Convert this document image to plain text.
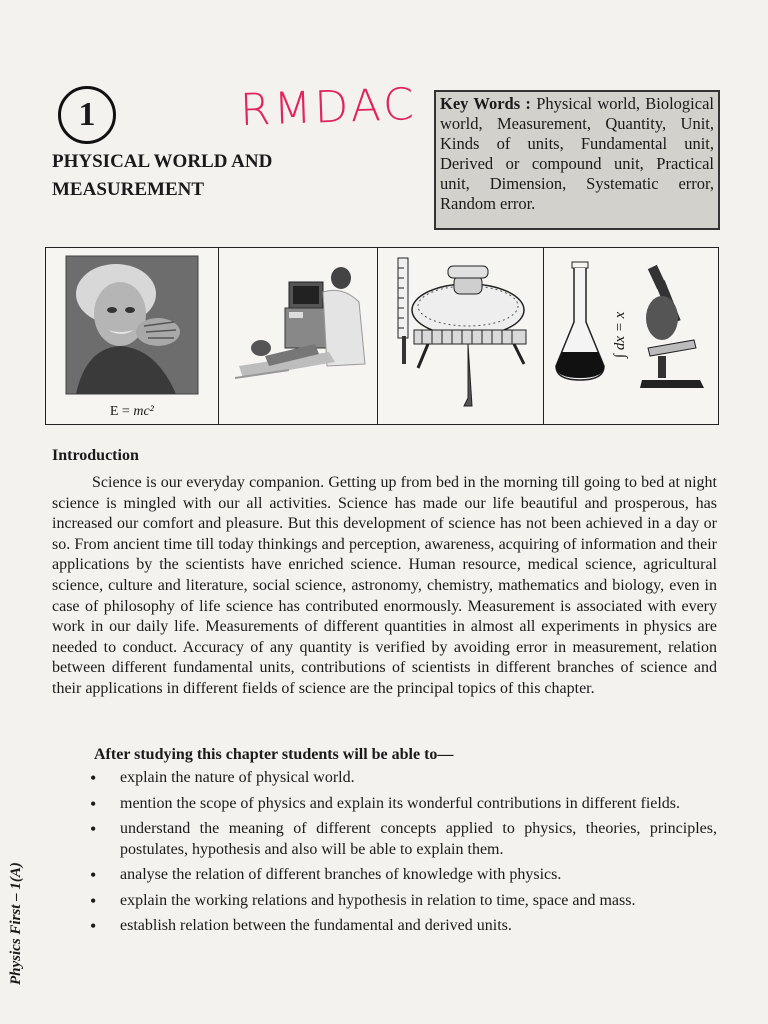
1	RMDAC
PHYSICAL WORLD AND MEASUREMENT
Key Words : Physical world, Biological world, Measurement, Quantity, Unit, Kinds of units, Fundamental unit, Derived or compound unit, Practical unit, Dimension, Systematic error, Random error.
E = mc²
∫ dx = x
Introduction

Science is our everyday companion. Getting up from bed in the morning till going to bed at night science is mingled with our all activities. Science has made our life beautiful and prosperous, has increased our comfort and pleasure. But this development of science has not been achieved in a day or so. From ancient time till today thinkings and perception, awareness, acquiring of information and their applications by the scientists have enriched science. Human resource, medical science, agricultural science, culture and literature, social science, astronomy, chemistry, mathematics and biology, even in case of philosophy of life science has contributed enormously. Measurement is associated with every work in our daily life. Measurements of different quantities in almost all experiments in physics are needed to conduct. Accuracy of any quantity is verified by avoiding error in measurement, relation between different fundamental units, contributions of scientists in different branches of science and their applications in different fields of science are the principal topics of this chapter.

After studying this chapter students will be able to—

• explain the nature of physical world.
• mention the scope of physics and explain its wonderful contributions in different fields.
• understand the meaning of different concepts applied to physics, theories, principles, postulates, hypothesis and also will be able to explain them.
• analyse the relation of different branches of knowledge with physics.
• explain the working relations and hypothesis in relation to time, space and mass.
• establish relation between the fundamental and derived units.
Physics First – 1(A)
